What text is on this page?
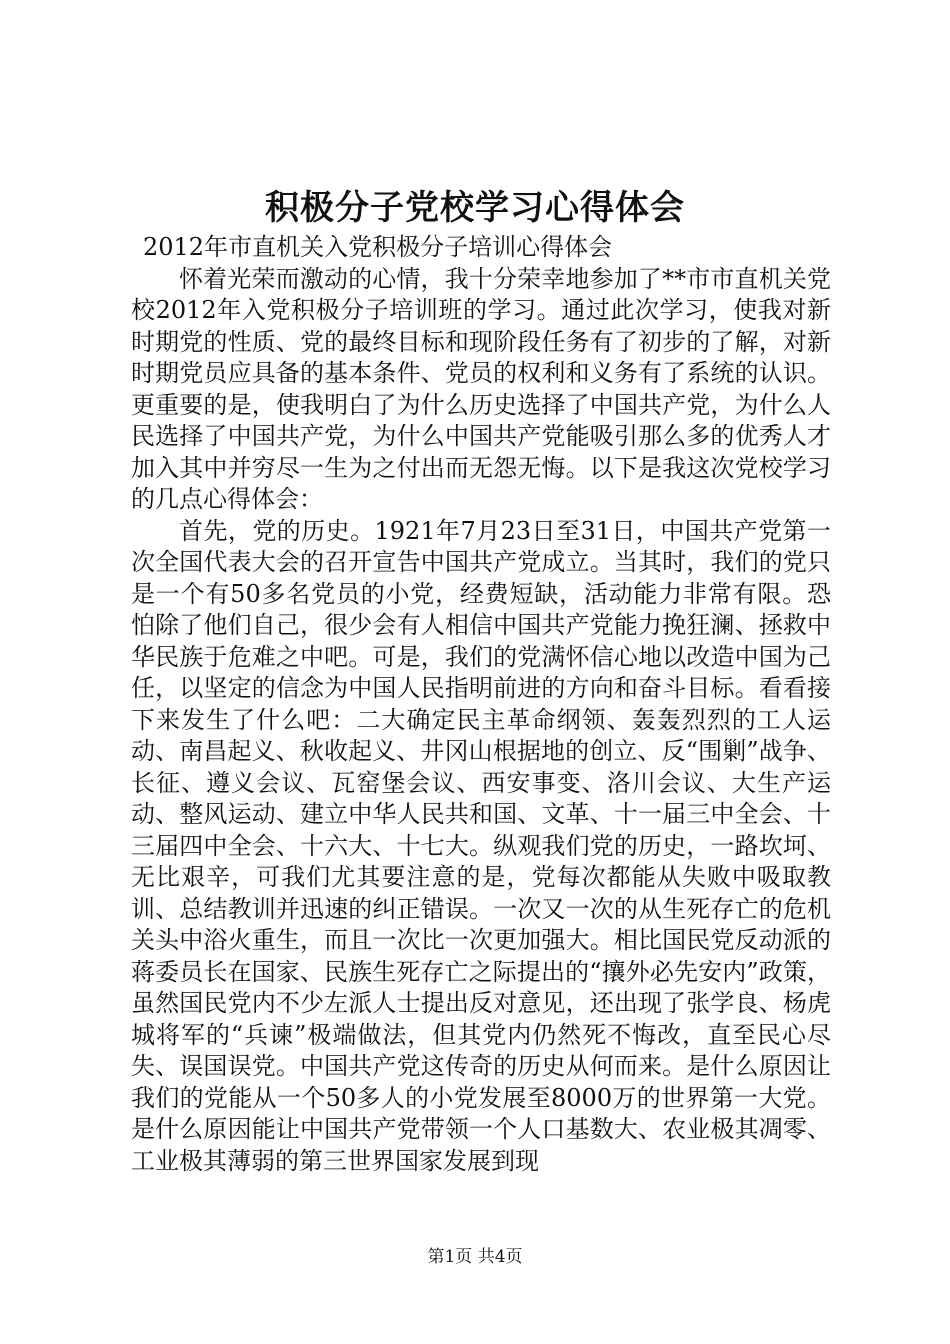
积极分子党校学习心得体会

2012年市直机关入党积极分子培训心得体会

怀着光荣而激动的心情，我十分荣幸地参加了**市市直机关党校2012年入党积极分子培训班的学习。通过此次学习，使我对新时期党的性质、党的最终目标和现阶段任务有了初步的了解，对新时期党员应具备的基本条件、党员的权利和义务有了系统的认识。更重要的是，使我明白了为什么历史选择了中国共产党，为什么人民选择了中国共产党，为什么中国共产党能吸引那么多的优秀人才加入其中并穷尽一生为之付出而无怨无悔。以下是我这次党校学习的几点心得体会：

首先，党的历史。1921年7月23日至31日，中国共产党第一次全国代表大会的召开宣告中国共产党成立。当其时，我们的党只是一个有50多名党员的小党，经费短缺，活动能力非常有限。恐怕除了他们自己，很少会有人相信中国共产党能力挽狂澜、拯救中华民族于危难之中吧。可是，我们的党满怀信心地以改造中国为己任，以坚定的信念为中国人民指明前进的方向和奋斗目标。看看接下来发生了什么吧：二大确定民主革命纲领、轰轰烈烈的工人运动、南昌起义、秋收起义、井冈山根据地的创立、反“围剿”战争、长征、遵义会议、瓦窑堡会议、西安事变、洛川会议、大生产运动、整风运动、建立中华人民共和国、文革、十一届三中全会、十三届四中全会、十六大、十七大。纵观我们党的历史，一路坎坷、无比艰辛，可我们尤其要注意的是，党每次都能从失败中吸取教训、总结教训并迅速的纠正错误。一次又一次的从生死存亡的危机关头中浴火重生，而且一次比一次更加强大。相比国民党反动派的蒋委员长在国家、民族生死存亡之际提出的“攘外必先安内”政策，虽然国民党内不少左派人士提出反对意见，还出现了张学良、杨虎城将军的“兵谏”极端做法，但其党内仍然死不悔改，直至民心尽失、误国误党。中国共产党这传奇的历史从何而来。是什么原因让我们的党能从一个50多人的小党发展至8000万的世界第一大党。是什么原因能让中国共产党带领一个人口基数大、农业极其凋零、工业极其薄弱的第三世界国家发展到现

第1页 共4页
